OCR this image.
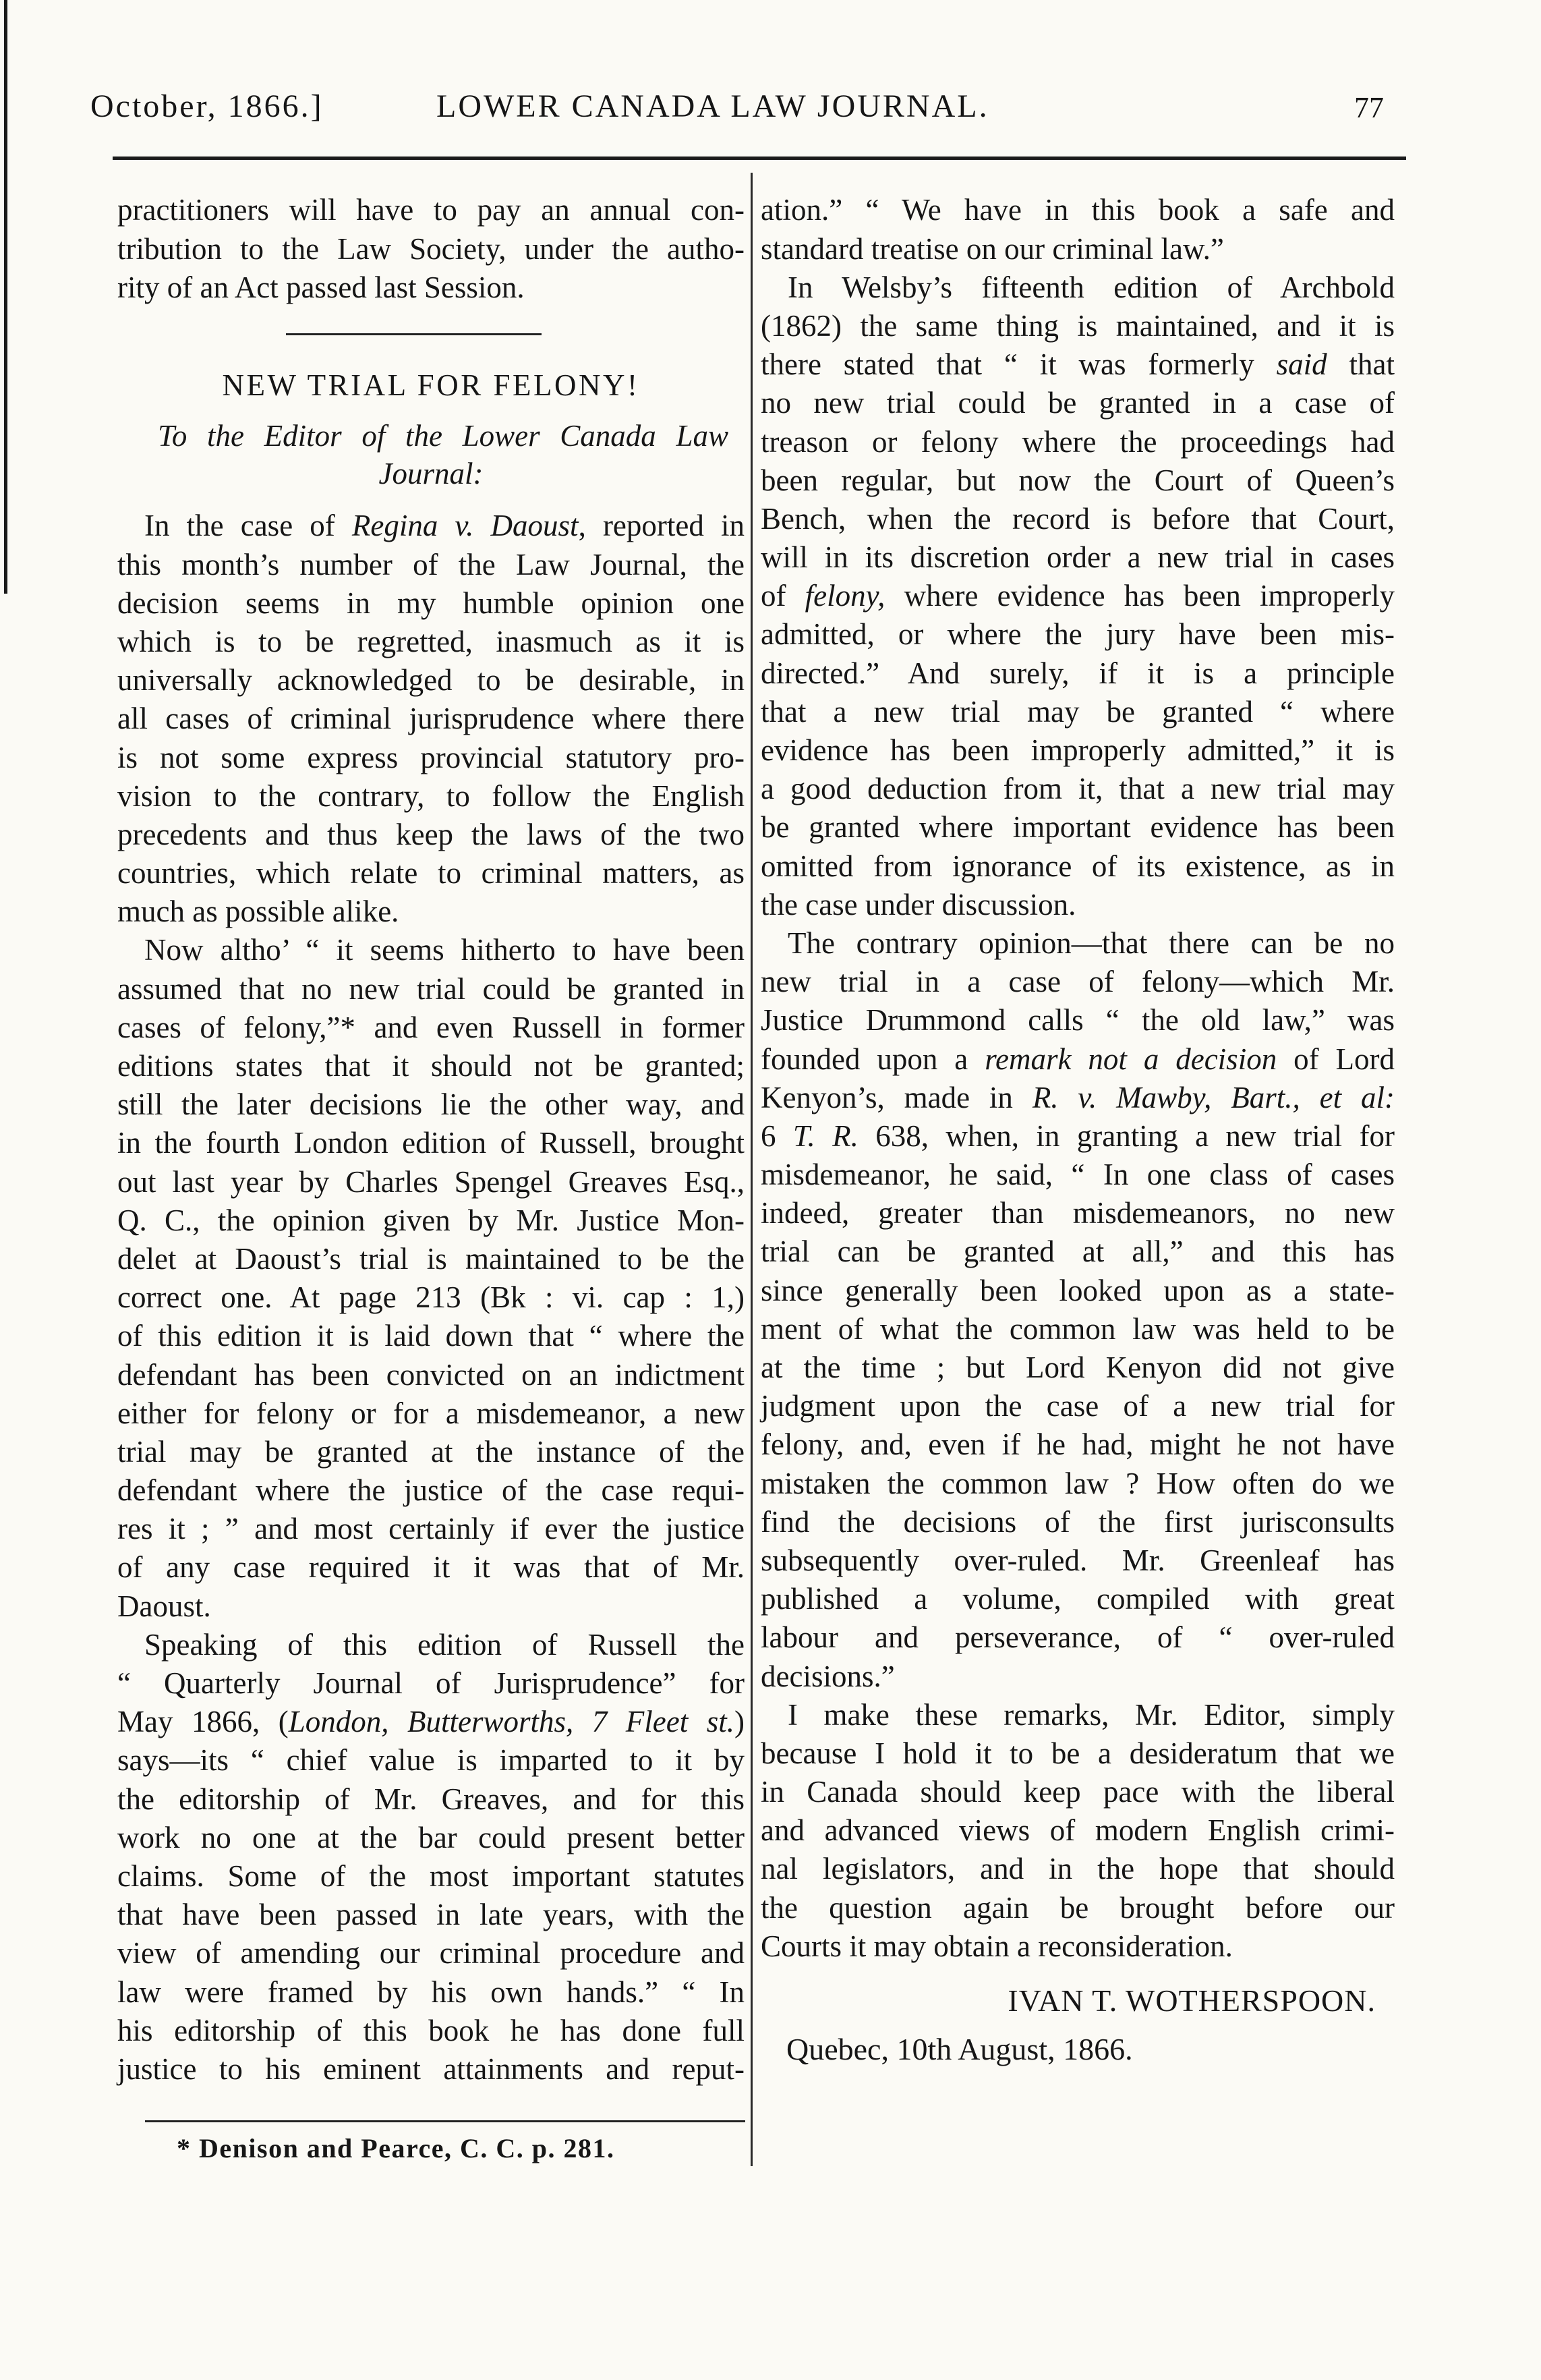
October, 1866.]	LOWER CANADA LAW JOURNAL.	77
practitioners will have to pay an annual con-
tribution to the Law Society, under the autho-
rity of an Act passed last Session.
NEW TRIAL FOR FELONY!
To the Editor of the Lower Canada Law
Journal:
In the case of Regina v. Daoust, reported in
this month’s number of the Law Journal, the
decision seems in my humble opinion one
which is to be regretted, inasmuch as it is
universally acknowledged to be desirable, in
all cases of criminal jurisprudence where there
is not some express provincial statutory pro-
vision to the contrary, to follow the English
precedents and thus keep the laws of the two
countries, which relate to criminal matters, as
much as possible alike.
Now altho’ “ it seems hitherto to have been
assumed that no new trial could be granted in
cases of felony,”* and even Russell in former
editions states that it should not be granted;
still the later decisions lie the other way, and
in the fourth London edition of Russell, brought
out last year by Charles Spengel Greaves Esq.,
Q. C., the opinion given by Mr. Justice Mon-
delet at Daoust’s trial is maintained to be the
correct one. At page 213 (Bk : vi. cap : 1,)
of this edition it is laid down that “ where the
defendant has been convicted on an indictment
either for felony or for a misdemeanor, a new
trial may be granted at the instance of the
defendant where the justice of the case requi-
res it ; ” and most certainly if ever the justice
of any case required it it was that of Mr.
Daoust.
Speaking of this edition of Russell the
“ Quarterly Journal of Jurisprudence” for
May 1866, (London, Butterworths, 7 Fleet st.)
says—its “ chief value is imparted to it by
the editorship of Mr. Greaves, and for this
work no one at the bar could present better
claims. Some of the most important statutes
that have been passed in late years, with the
view of amending our criminal procedure and
law were framed by his own hands.” “ In
his editorship of this book he has done full
justice to his eminent attainments and reput-
ation.” “ We have in this book a safe and
standard treatise on our criminal law.”
In Welsby’s fifteenth edition of Archbold
(1862) the same thing is maintained, and it is
there stated that “ it was formerly said that
no new trial could be granted in a case of
treason or felony where the proceedings had
been regular, but now the Court of Queen’s
Bench, when the record is before that Court,
will in its discretion order a new trial in cases
of felony, where evidence has been improperly
admitted, or where the jury have been mis-
directed.” And surely, if it is a principle
that a new trial may be granted “ where
evidence has been improperly admitted,” it is
a good deduction from it, that a new trial may
be granted where important evidence has been
omitted from ignorance of its existence, as in
the case under discussion.
The contrary opinion—that there can be no
new trial in a case of felony—which Mr.
Justice Drummond calls “ the old law,” was
founded upon a remark not a decision of Lord
Kenyon’s, made in R. v. Mawby, Bart., et al:
6 T. R. 638, when, in granting a new trial for
misdemeanor, he said, “ In one class of cases
indeed, greater than misdemeanors, no new
trial can be granted at all,” and this has
since generally been looked upon as a state-
ment of what the common law was held to be
at the time ; but Lord Kenyon did not give
judgment upon the case of a new trial for
felony, and, even if he had, might he not have
mistaken the common law ? How often do we
find the decisions of the first jurisconsults
subsequently over-ruled. Mr. Greenleaf has
published a volume, compiled with great
labour and perseverance, of “ over-ruled
decisions.”
I make these remarks, Mr. Editor, simply
because I hold it to be a desideratum that we
in Canada should keep pace with the liberal
and advanced views of modern English crimi-
nal legislators, and in the hope that should
the question again be brought before our
Courts it may obtain a reconsideration.
IVAN T. WOTHERSPOON.
Quebec, 10th August, 1866.
* Denison and Pearce, C. C. p. 281.
